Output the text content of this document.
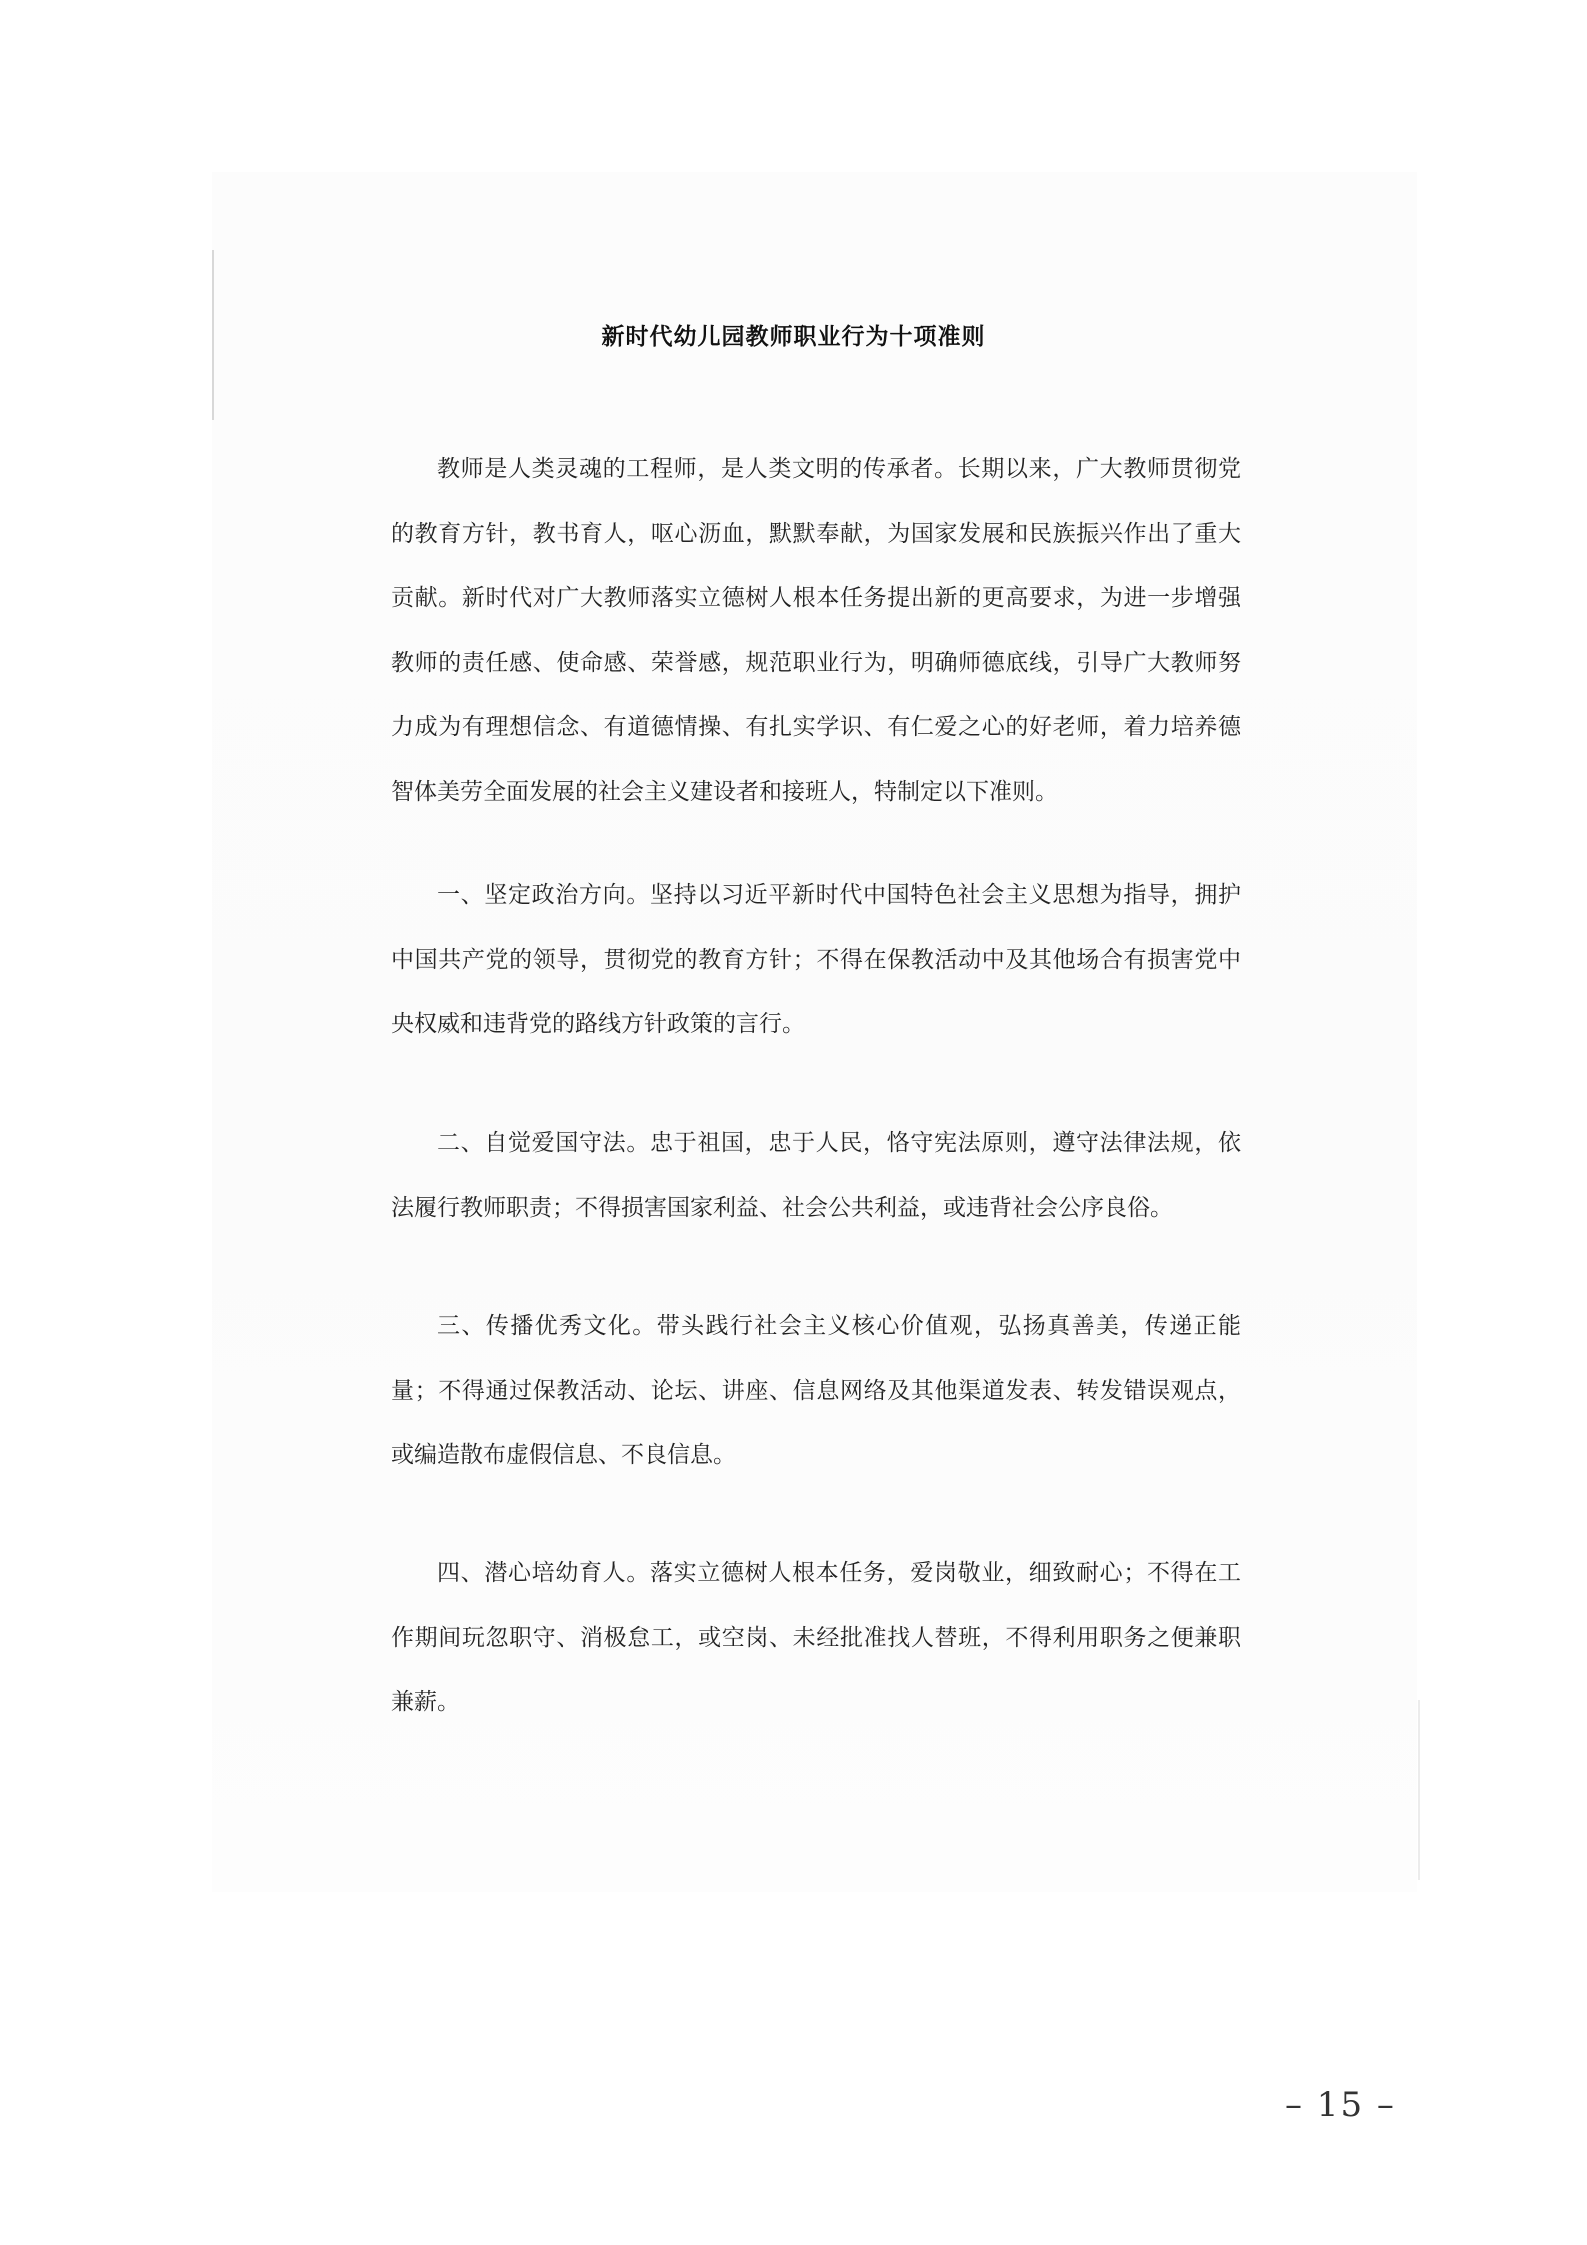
新时代幼儿园教师职业行为十项准则

教师是人类灵魂的工程师，是人类文明的传承者。长期以来，广大教师贯彻党的教育方针，教书育人，呕心沥血，默默奉献，为国家发展和民族振兴作出了重大贡献。新时代对广大教师落实立德树人根本任务提出新的更高要求，为进一步增强教师的责任感、使命感、荣誉感，规范职业行为，明确师德底线，引导广大教师努力成为有理想信念、有道德情操、有扎实学识、有仁爱之心的好老师，着力培养德智体美劳全面发展的社会主义建设者和接班人，特制定以下准则。

一、坚定政治方向。坚持以习近平新时代中国特色社会主义思想为指导，拥护中国共产党的领导，贯彻党的教育方针；不得在保教活动中及其他场合有损害党中央权威和违背党的路线方针政策的言行。

二、自觉爱国守法。忠于祖国，忠于人民，恪守宪法原则，遵守法律法规，依法履行教师职责；不得损害国家利益、社会公共利益，或违背社会公序良俗。

三、传播优秀文化。带头践行社会主义核心价值观，弘扬真善美，传递正能量；不得通过保教活动、论坛、讲座、信息网络及其他渠道发表、转发错误观点，或编造散布虚假信息、不良信息。

四、潜心培幼育人。落实立德树人根本任务，爱岗敬业，细致耐心；不得在工作期间玩忽职守、消极怠工，或空岗、未经批准找人替班，不得利用职务之便兼职兼薪。

– 15 –
